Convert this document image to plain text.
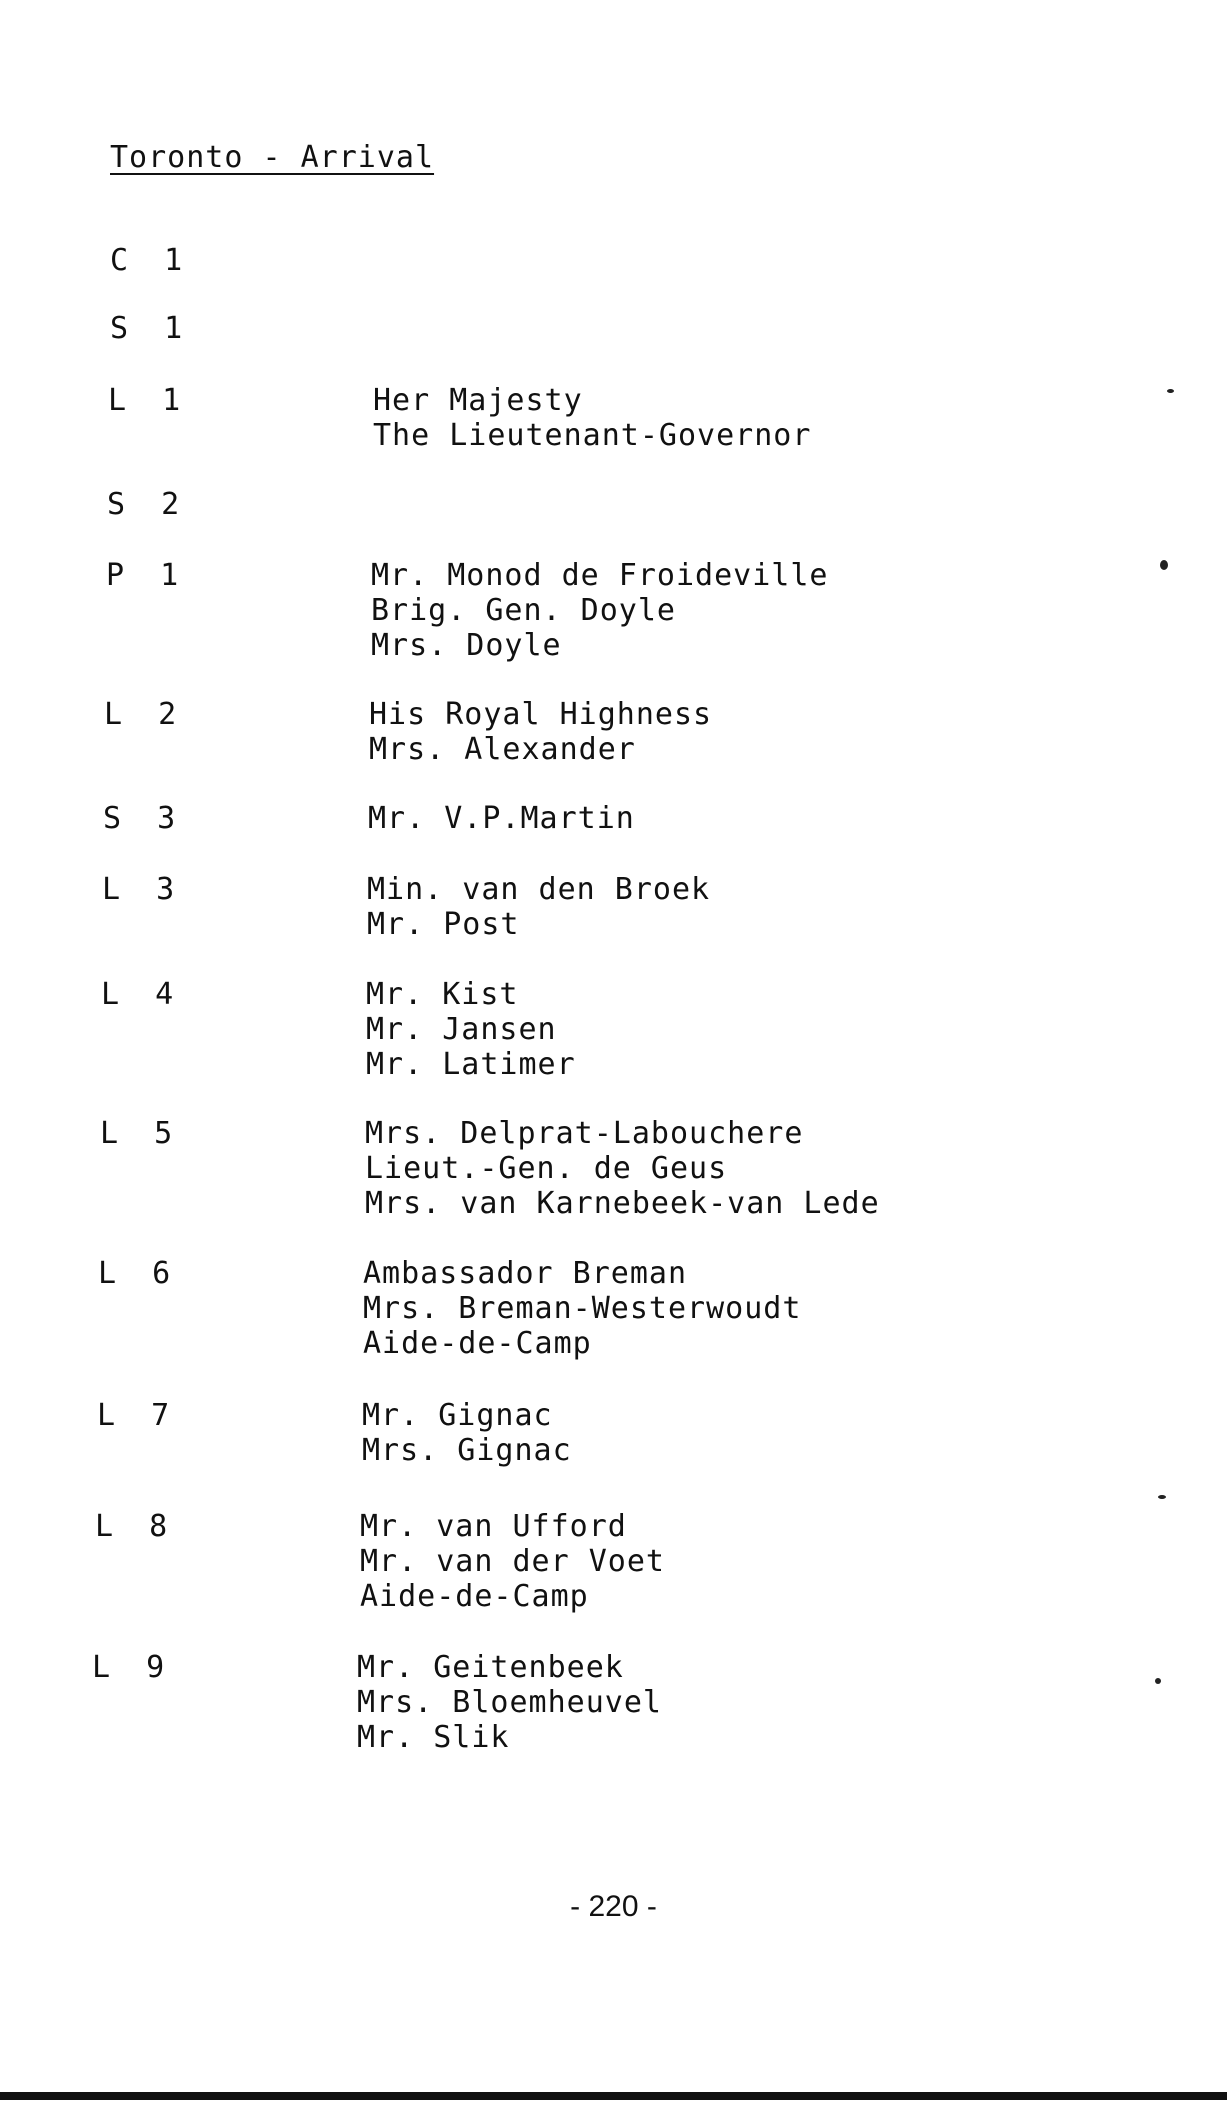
Toronto - Arrival
C  1
S  1
L  1	Her Majesty
The Lieutenant-Governor
S  2
P  1	Mr. Monod de Froideville
Brig. Gen. Doyle
Mrs. Doyle
L  2	His Royal Highness
Mrs. Alexander
S  3	Mr. V.P.Martin
L  3	Min. van den Broek
Mr. Post
L  4	Mr. Kist
Mr. Jansen
Mr. Latimer
L  5	Mrs. Delprat-Labouchere
Lieut.-Gen. de Geus
Mrs. van Karnebeek-van Lede
L  6	Ambassador Breman
Mrs. Breman-Westerwoudt
Aide-de-Camp
L  7	Mr. Gignac
Mrs. Gignac
L  8	Mr. van Ufford
Mr. van der Voet
Aide-de-Camp
L  9	Mr. Geitenbeek
Mrs. Bloemheuvel
Mr. Slik
- 220 -
